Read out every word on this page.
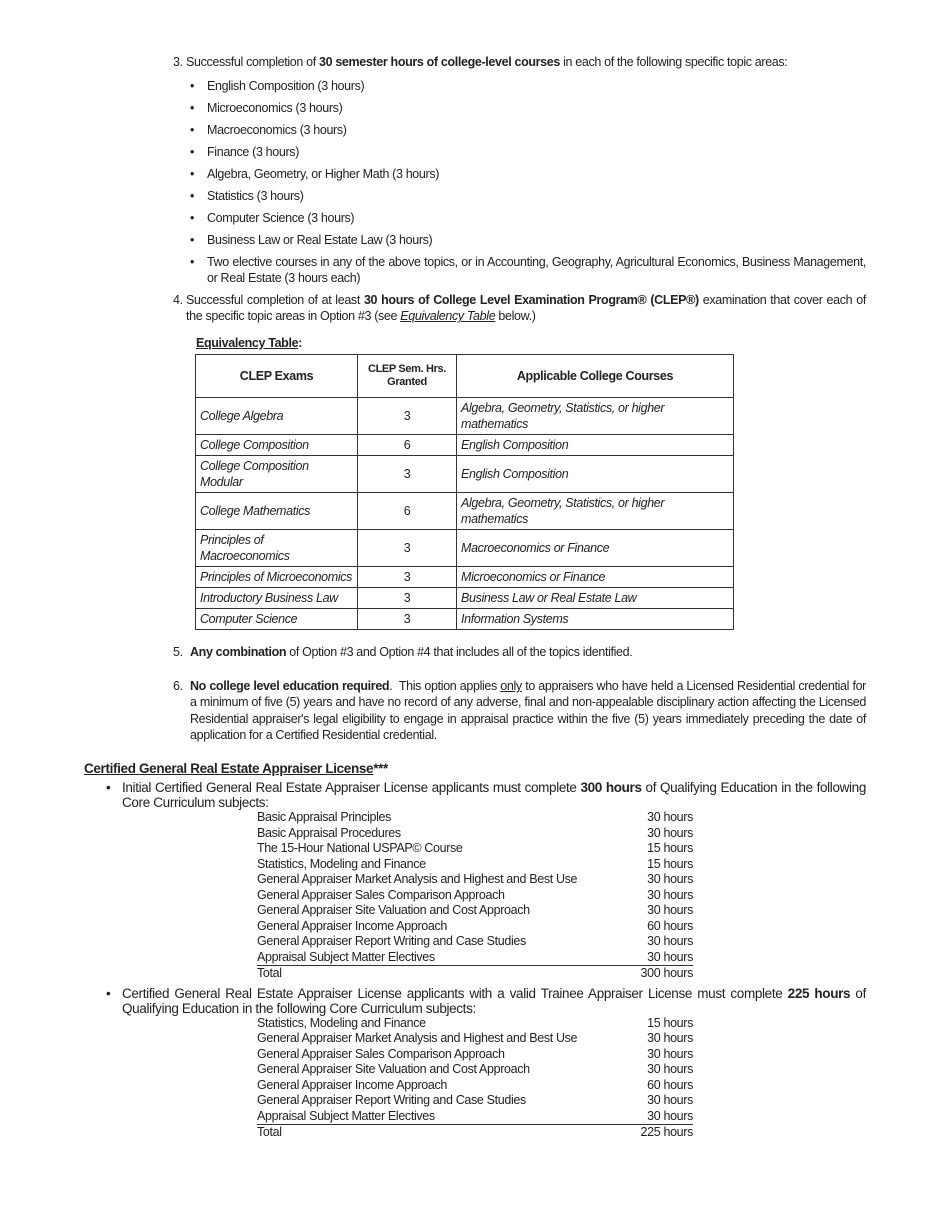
3. Successful completion of 30 semester hours of college-level courses in each of the following specific topic areas:
• English Composition (3 hours)
• Microeconomics (3 hours)
• Macroeconomics (3 hours)
• Finance (3 hours)
• Algebra, Geometry, or Higher Math (3 hours)
• Statistics (3 hours)
• Computer Science (3 hours)
• Business Law or Real Estate Law (3 hours)
• Two elective courses in any of the above topics, or in Accounting, Geography, Agricultural Economics, Business Management, or Real Estate (3 hours each)
4. Successful completion of at least 30 hours of College Level Examination Program® (CLEP®) examination that cover each of the specific topic areas in Option #3 (see Equivalency Table below.)
Equivalency Table:
CLEP Exams	CLEP Sem. Hrs. Granted	Applicable College Courses
College Algebra	3	Algebra, Geometry, Statistics, or higher mathematics
College Composition	6	English Composition
College Composition Modular	3	English Composition
College Mathematics	6	Algebra, Geometry, Statistics, or higher mathematics
Principles of Macroeconomics	3	Macroeconomics or Finance
Principles of Microeconomics	3	Microeconomics or Finance
Introductory Business Law	3	Business Law or Real Estate Law
Computer Science	3	Information Systems
5. Any combination of Option #3 and Option #4 that includes all of the topics identified.
6. No college level education required.  This option applies only to appraisers who have held a Licensed Residential credential for a minimum of five (5) years and have no record of any adverse, final and non-appealable disciplinary action affecting the Licensed Residential appraiser's legal eligibility to engage in appraisal practice within the five (5) years immediately preceding the date of application for a Certified Residential credential.
Certified General Real Estate Appraiser License***
• Initial Certified General Real Estate Appraiser License applicants must complete 300 hours of Qualifying Education in the following Core Curriculum subjects:
Basic Appraisal Principles	30 hours
Basic Appraisal Procedures	30 hours
The 15-Hour National USPAP© Course	15 hours
Statistics, Modeling and Finance	15 hours
General Appraiser Market Analysis and Highest and Best Use	30 hours
General Appraiser Sales Comparison Approach	30 hours
General Appraiser Site Valuation and Cost Approach	30 hours
General Appraiser Income Approach	60 hours
General Appraiser Report Writing and Case Studies	30 hours
Appraisal Subject Matter Electives	30 hours
Total	300 hours
• Certified General Real Estate Appraiser License applicants with a valid Trainee Appraiser License must complete 225 hours of Qualifying Education in the following Core Curriculum subjects:
Statistics, Modeling and Finance	15 hours
General Appraiser Market Analysis and Highest and Best Use	30 hours
General Appraiser Sales Comparison Approach	30 hours
General Appraiser Site Valuation and Cost Approach	30 hours
General Appraiser Income Approach	60 hours
General Appraiser Report Writing and Case Studies	30 hours
Appraisal Subject Matter Electives	30 hours
Total	225 hours
